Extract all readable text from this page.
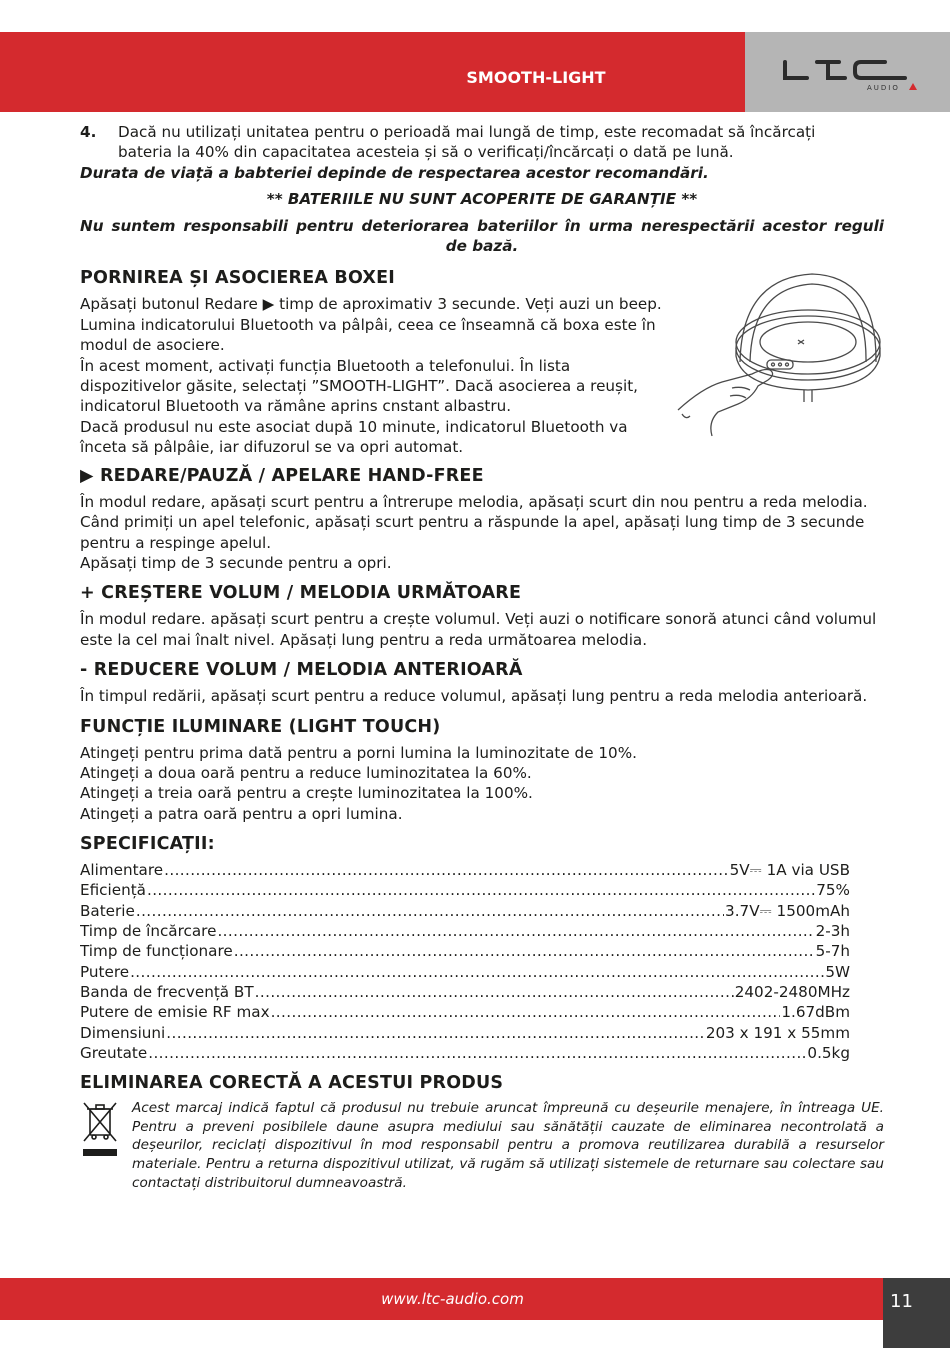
SMOOTH-LIGHT
AUDIO
4.	Dacă nu utilizați unitatea pentru o perioadă mai lungă de timp, este recomadat să încărcați
bateria la 40% din capacitatea acesteia și să o verificați/încărcați o dată pe lună.

Durata de viață a babteriei depinde de respectarea acestor recomandări.

** BATERIILE NU SUNT ACOPERITE DE GARANȚIE **

Nu suntem responsabili pentru deteriorarea bateriilor în urma nerespectării acestor reguli de bază.

PORNIREA ȘI ASOCIEREA BOXEI

Apăsați butonul Redare ▶ timp de aproximativ 3 secunde. Veți auzi un beep. Lumina indicatorului Bluetooth va pâlpâi, ceea ce înseamnă că boxa este în modul de asociere.

În acest moment, activați funcția Bluetooth a telefonului. În lista dispozitivelor găsite, selectați ”SMOOTH-LIGHT”. Dacă asocierea a reușit, indicatorul Bluetooth va rămâne aprins cnstant albastru.

Dacă produsul nu este asociat după 10 minute, indicatorul Bluetooth va înceta să pâlpâie, iar difuzorul se va opri automat.

▶ REDARE/PAUZĂ / APELARE HAND-FREE

În modul redare, apăsați scurt pentru a întrerupe melodia, apăsați scurt din nou pentru a reda melodia.

Când primiți un apel telefonic, apăsați scurt pentru a răspunde la apel, apăsați lung timp de 3 secunde pentru a respinge apelul.

Apăsați timp de 3 secunde pentru a opri.

+ CREȘTERE VOLUM / MELODIA URMĂTOARE

În modul redare. apăsați scurt pentru a crește volumul. Veți auzi o notificare sonoră atunci când volumul este la cel mai înalt nivel. Apăsați lung pentru a reda următoarea melodia.

- REDUCERE VOLUM / MELODIA ANTERIOARĂ

În timpul redării, apăsați scurt pentru a reduce volumul, apăsați lung pentru a reda melodia anterioară.

FUNCȚIE ILUMINARE (LIGHT TOUCH)
Atingeți pentru prima dată pentru a porni lumina la luminozitate de 10%.
Atingeți a doua oară pentru a reduce luminozitatea la 60%.
Atingeți a treia oară pentru a crește luminozitatea la 100%.
Atingeți a patra oară pentru a opri lumina.
SPECIFICAȚII:
Alimentare .....	5V⎓ 1A via USB
Eficiență .....	75%
Baterie .....	3.7V⎓ 1500mAh
Timp de încărcare .....	2-3h
Timp de funcționare .....	5-7h
Putere .....	5W
Banda de frecvență BT .....	2402-2480MHz
Putere de emisie RF max .....	1.67dBm
Dimensiuni .....	203 x 191 x 55mm
Greutate .....	0.5kg
ELIMINAREA CORECTĂ A ACESTUI PRODUS

Acest marcaj indică faptul că produsul nu trebuie aruncat împreună cu deșeurile menajere, în întreaga UE. Pentru a preveni posibilele daune asupra mediului sau sănătății cauzate de eliminarea necontrolată a deșeurilor, reciclați dispozitivul în mod responsabil pentru a promova reutilizarea durabilă a resurselor materiale. Pentru a returna dispozitivul utilizat, vă rugăm să utilizați sistemele de returnare sau colectare sau contactați distribuitorul dumneavoastră.

www.ltc-audio.com	11
